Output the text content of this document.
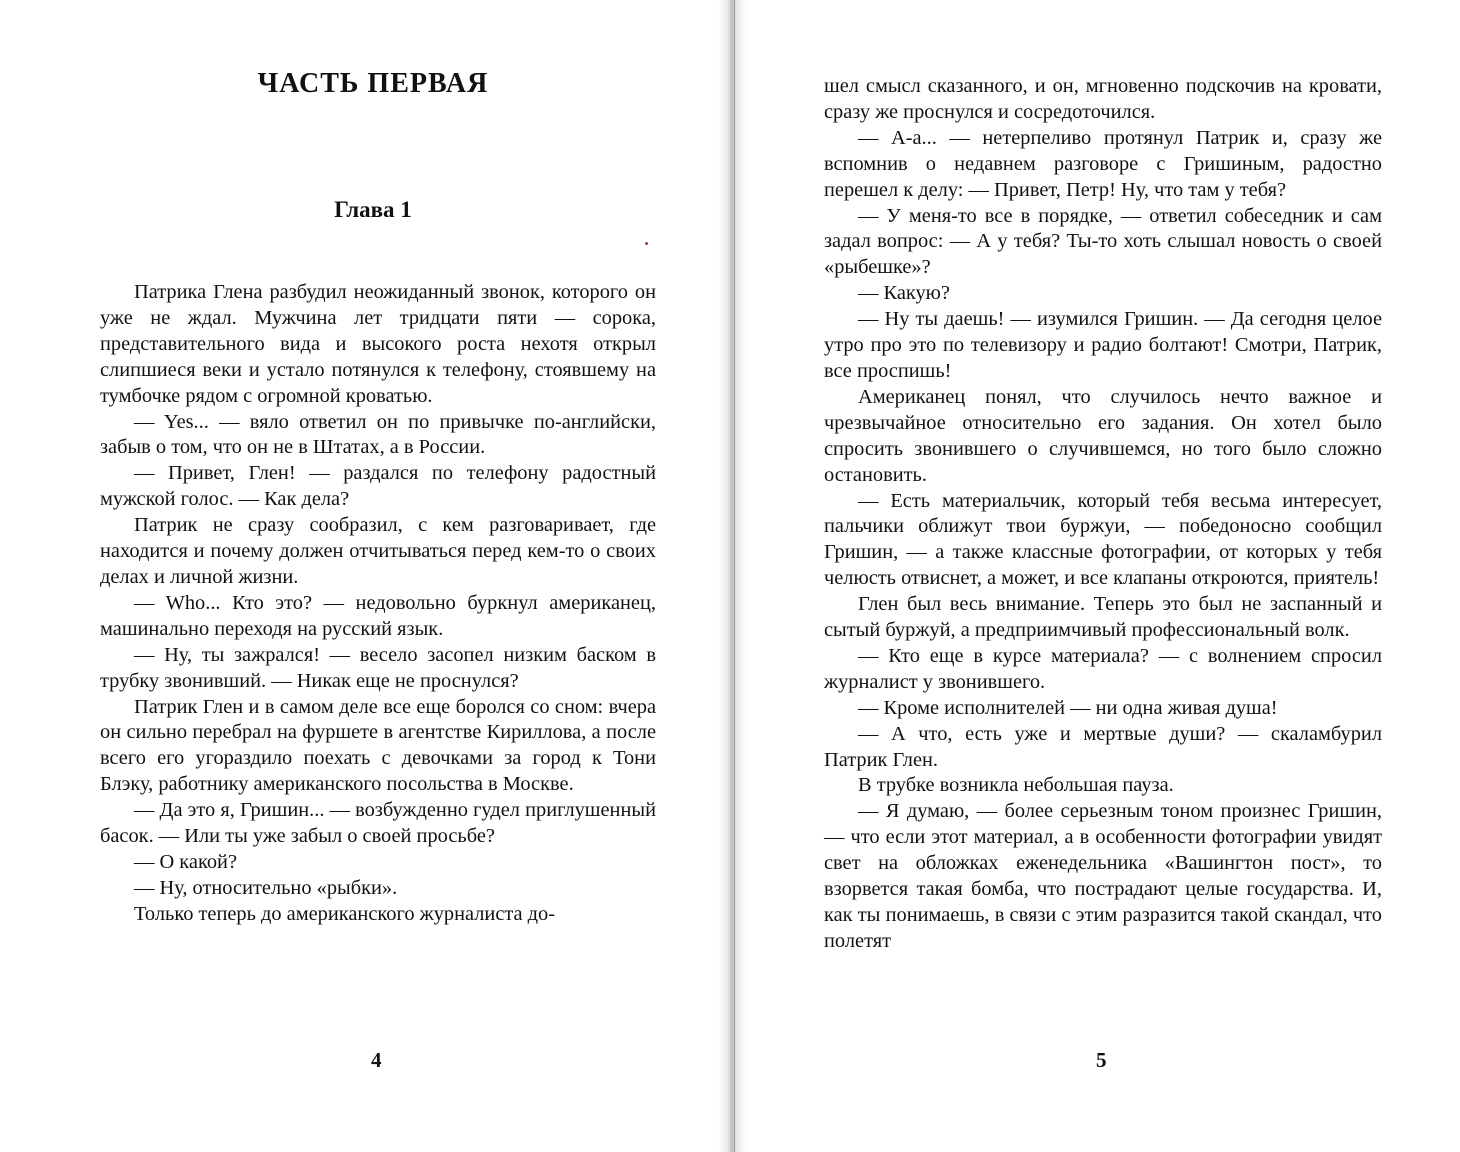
ЧАСТЬ ПЕРВАЯ
Глава 1

Патрика Глена разбудил неожиданный звонок, которого он уже не ждал. Мужчина лет тридцати пяти — сорока, представительного вида и высокого роста нехотя открыл слипшиеся веки и устало потянулся к телефону, стоявшему на тумбочке рядом с огромной кроватью.

— Yes... — вяло ответил он по привычке по-английски, забыв о том, что он не в Штатах, а в России.

— Привет, Глен! — раздался по телефону радостный мужской голос. — Как дела?

Патрик не сразу сообразил, с кем разговаривает, где находится и почему должен отчитываться перед кем-то о своих делах и личной жизни.

— Who... Кто это? — недовольно буркнул американец, машинально переходя на русский язык.

— Ну, ты зажрался! — весело засопел низким баском в трубку звонивший. — Никак еще не проснулся?

Патрик Глен и в самом деле все еще боролся со сном: вчера он сильно перебрал на фуршете в агентстве Кириллова, а после всего его угораздило поехать с девочками за город к Тони Блэку, работнику американского посольства в Москве.

— Да это я, Гришин... — возбужденно гудел приглушенный басок. — Или ты уже забыл о своей просьбе?

— О какой?

— Ну, относительно «рыбки».

Только теперь до американского журналиста до-

4

шел смысл сказанного, и он, мгновенно подскочив на кровати, сразу же проснулся и сосредоточился.

— А-а... — нетерпеливо протянул Патрик и, сразу же вспомнив о недавнем разговоре с Гришиным, радостно перешел к делу: — Привет, Петр! Ну, что там у тебя?

— У меня-то все в порядке, — ответил собеседник и сам задал вопрос: — А у тебя? Ты-то хоть слышал новость о своей «рыбешке»?

— Какую?

— Ну ты даешь! — изумился Гришин. — Да сегодня целое утро про это по телевизору и радио болтают! Смотри, Патрик, все проспишь!

Американец понял, что случилось нечто важное и чрезвычайное относительно его задания. Он хотел было спросить звонившего о случившемся, но того было сложно остановить.

— Есть материальчик, который тебя весьма интересует, пальчики оближут твои буржуи, — победоносно сообщил Гришин, — а также классные фотографии, от которых у тебя челюсть отвиснет, а может, и все клапаны откроются, приятель!

Глен был весь внимание. Теперь это был не заспанный и сытый буржуй, а предприимчивый профессиональный волк.

— Кто еще в курсе материала? — с волнением спросил журналист у звонившего.

— Кроме исполнителей — ни одна живая душа!

— А что, есть уже и мертвые души? — скаламбурил Патрик Глен.

В трубке возникла небольшая пауза.

— Я думаю, — более серьезным тоном произнес Гришин, — что если этот материал, а в особенности фотографии увидят свет на обложках еженедельника «Вашингтон пост», то взорвется такая бомба, что пострадают целые государства. И, как ты понимаешь, в связи с этим разразится такой скандал, что полетят

5
